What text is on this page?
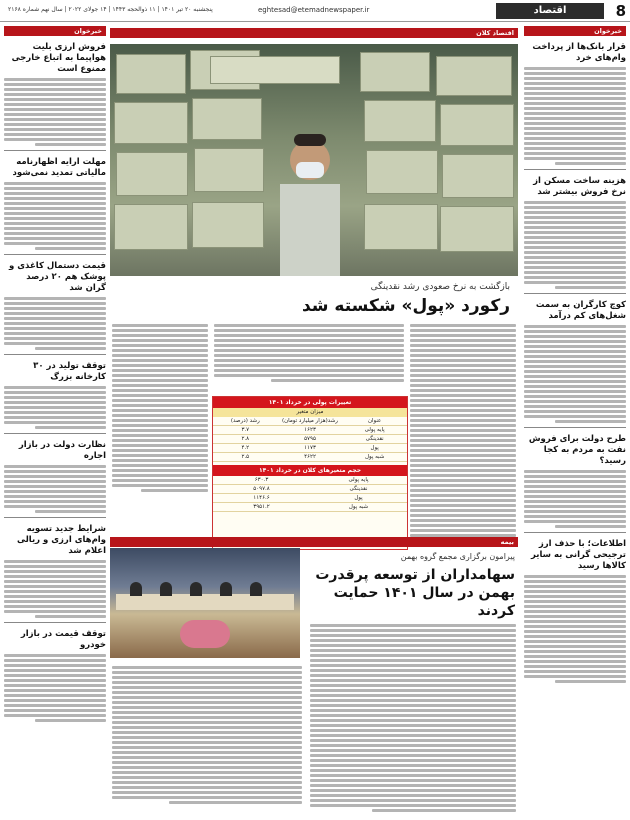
8
اقتصاد
eghtesad@etemadnewspaper.ir
پنجشنبه ۲۰ تیر ۱۴۰۱ | ۱۱ ذوالحجه ۱۴۴۳ | ۱۴ جولای ۲۰۲۲ | سال نهم شماره ۲۱۶۸
خبرخوان
قرار بانک‌ها از پرداخت وام‌های خرد
هزینه ساخت مسکن از نرخ فروش بیشتر شد
کوچ کارگران به سمت شغل‌های کم درآمد
طرح دولت برای فروش نفت به مردم به کجا رسید؟
اطلاعات؛ با حذف ارز ترجیحی گرانی به سایر کالاها رسید
خبرخوان
فروش ارزی بلیت هواپیما به اتباع خارجی ممنوع است
مهلت ارایه اظهارنامه مالیاتی تمدید نمی‌شود
قیمت دستمال کاغذی و پوشک هم ۲۰ درصد گران شد
توقف تولید در ۳۰ کارخانه بزرگ
نظارت دولت در بازار اجاره
شرایط جدید تسویه وام‌های ارزی و ریالی اعلام شد
توقف قیمت در بازار خودرو
اقتصاد کلان
بازگشت به نرخ صعودی رشد نقدینگی
رکورد «پول» شکسته شد
تغییرات پولی در خرداد ۱۴۰۱
میزان متغیر
عنوان
رشد(هزار میلیارد تومان)
رشد (درصد)
پایه پولی
۱۶۲۳
۳.۷
نقدینگی
۵۷۹۵
۲.۸
پول
۱۱۷۳
۴.۲
شبه پول
۴۶۲۲
۲.۵
حجم متغیرهای کلان در خرداد ۱۴۰۱
پایه پولی
۶۳۰.۳
نقدینگی
۵۰۹۷.۸
پول
۱۱۴۶.۶
شبه پول
۳۹۵۱.۲
بیمه
پیرامون برگزاری مجمع گروه بهمن
سهامداران از توسعه پرقدرت بهمن در سال ۱۴۰۱ حمایت کردند
